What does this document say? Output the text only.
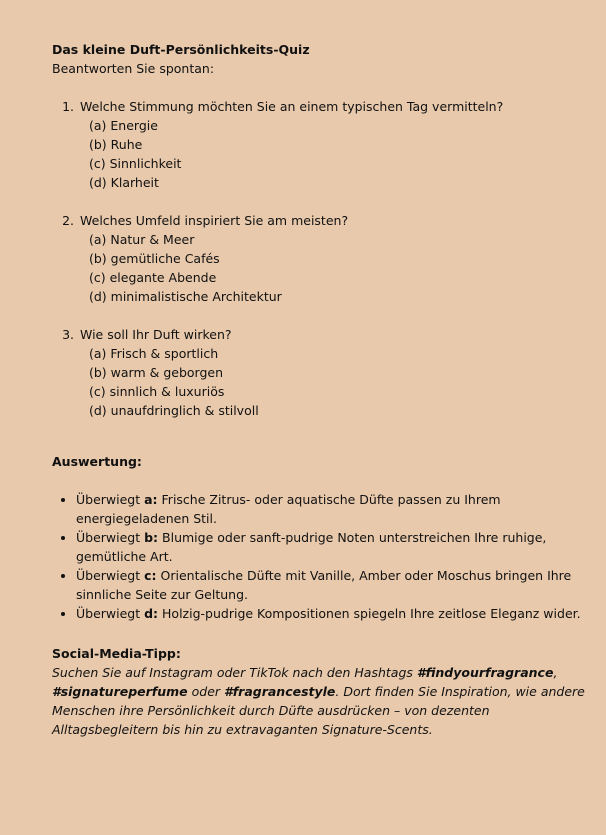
Das kleine Duft-Persönlichkeits-Quiz

Beantworten Sie spontan:

1. Welche Stimmung möchten Sie an einem typischen Tag vermitteln?
(a) Energie
(b) Ruhe
(c) Sinnlichkeit
(d) Klarheit
2. Welches Umfeld inspiriert Sie am meisten?
(a) Natur & Meer
(b) gemütliche Cafés
(c) elegante Abende
(d) minimalistische Architektur
3. Wie soll Ihr Duft wirken?
(a) Frisch & sportlich
(b) warm & geborgen
(c) sinnlich & luxuriös
(d) unaufdringlich & stilvoll

Auswertung:

• Überwiegt a: Frische Zitrus- oder aquatische Düfte passen zu Ihrem energiegeladenen Stil.
• Überwiegt b: Blumige oder sanft-pudrige Noten unterstreichen Ihre ruhige, gemütliche Art.
• Überwiegt c: Orientalische Düfte mit Vanille, Amber oder Moschus bringen Ihre sinnliche Seite zur Geltung.
• Überwiegt d: Holzig-pudrige Kompositionen spiegeln Ihre zeitlose Eleganz wider.

Social-Media-Tipp:

Suchen Sie auf Instagram oder TikTok nach den Hashtags #findyourfragrance, #signatureperfume oder #fragrancestyle. Dort finden Sie Inspiration, wie andere Menschen ihre Persönlichkeit durch Düfte ausdrücken – von dezenten Alltagsbegleitern bis hin zu extravaganten Signature-Scents.
